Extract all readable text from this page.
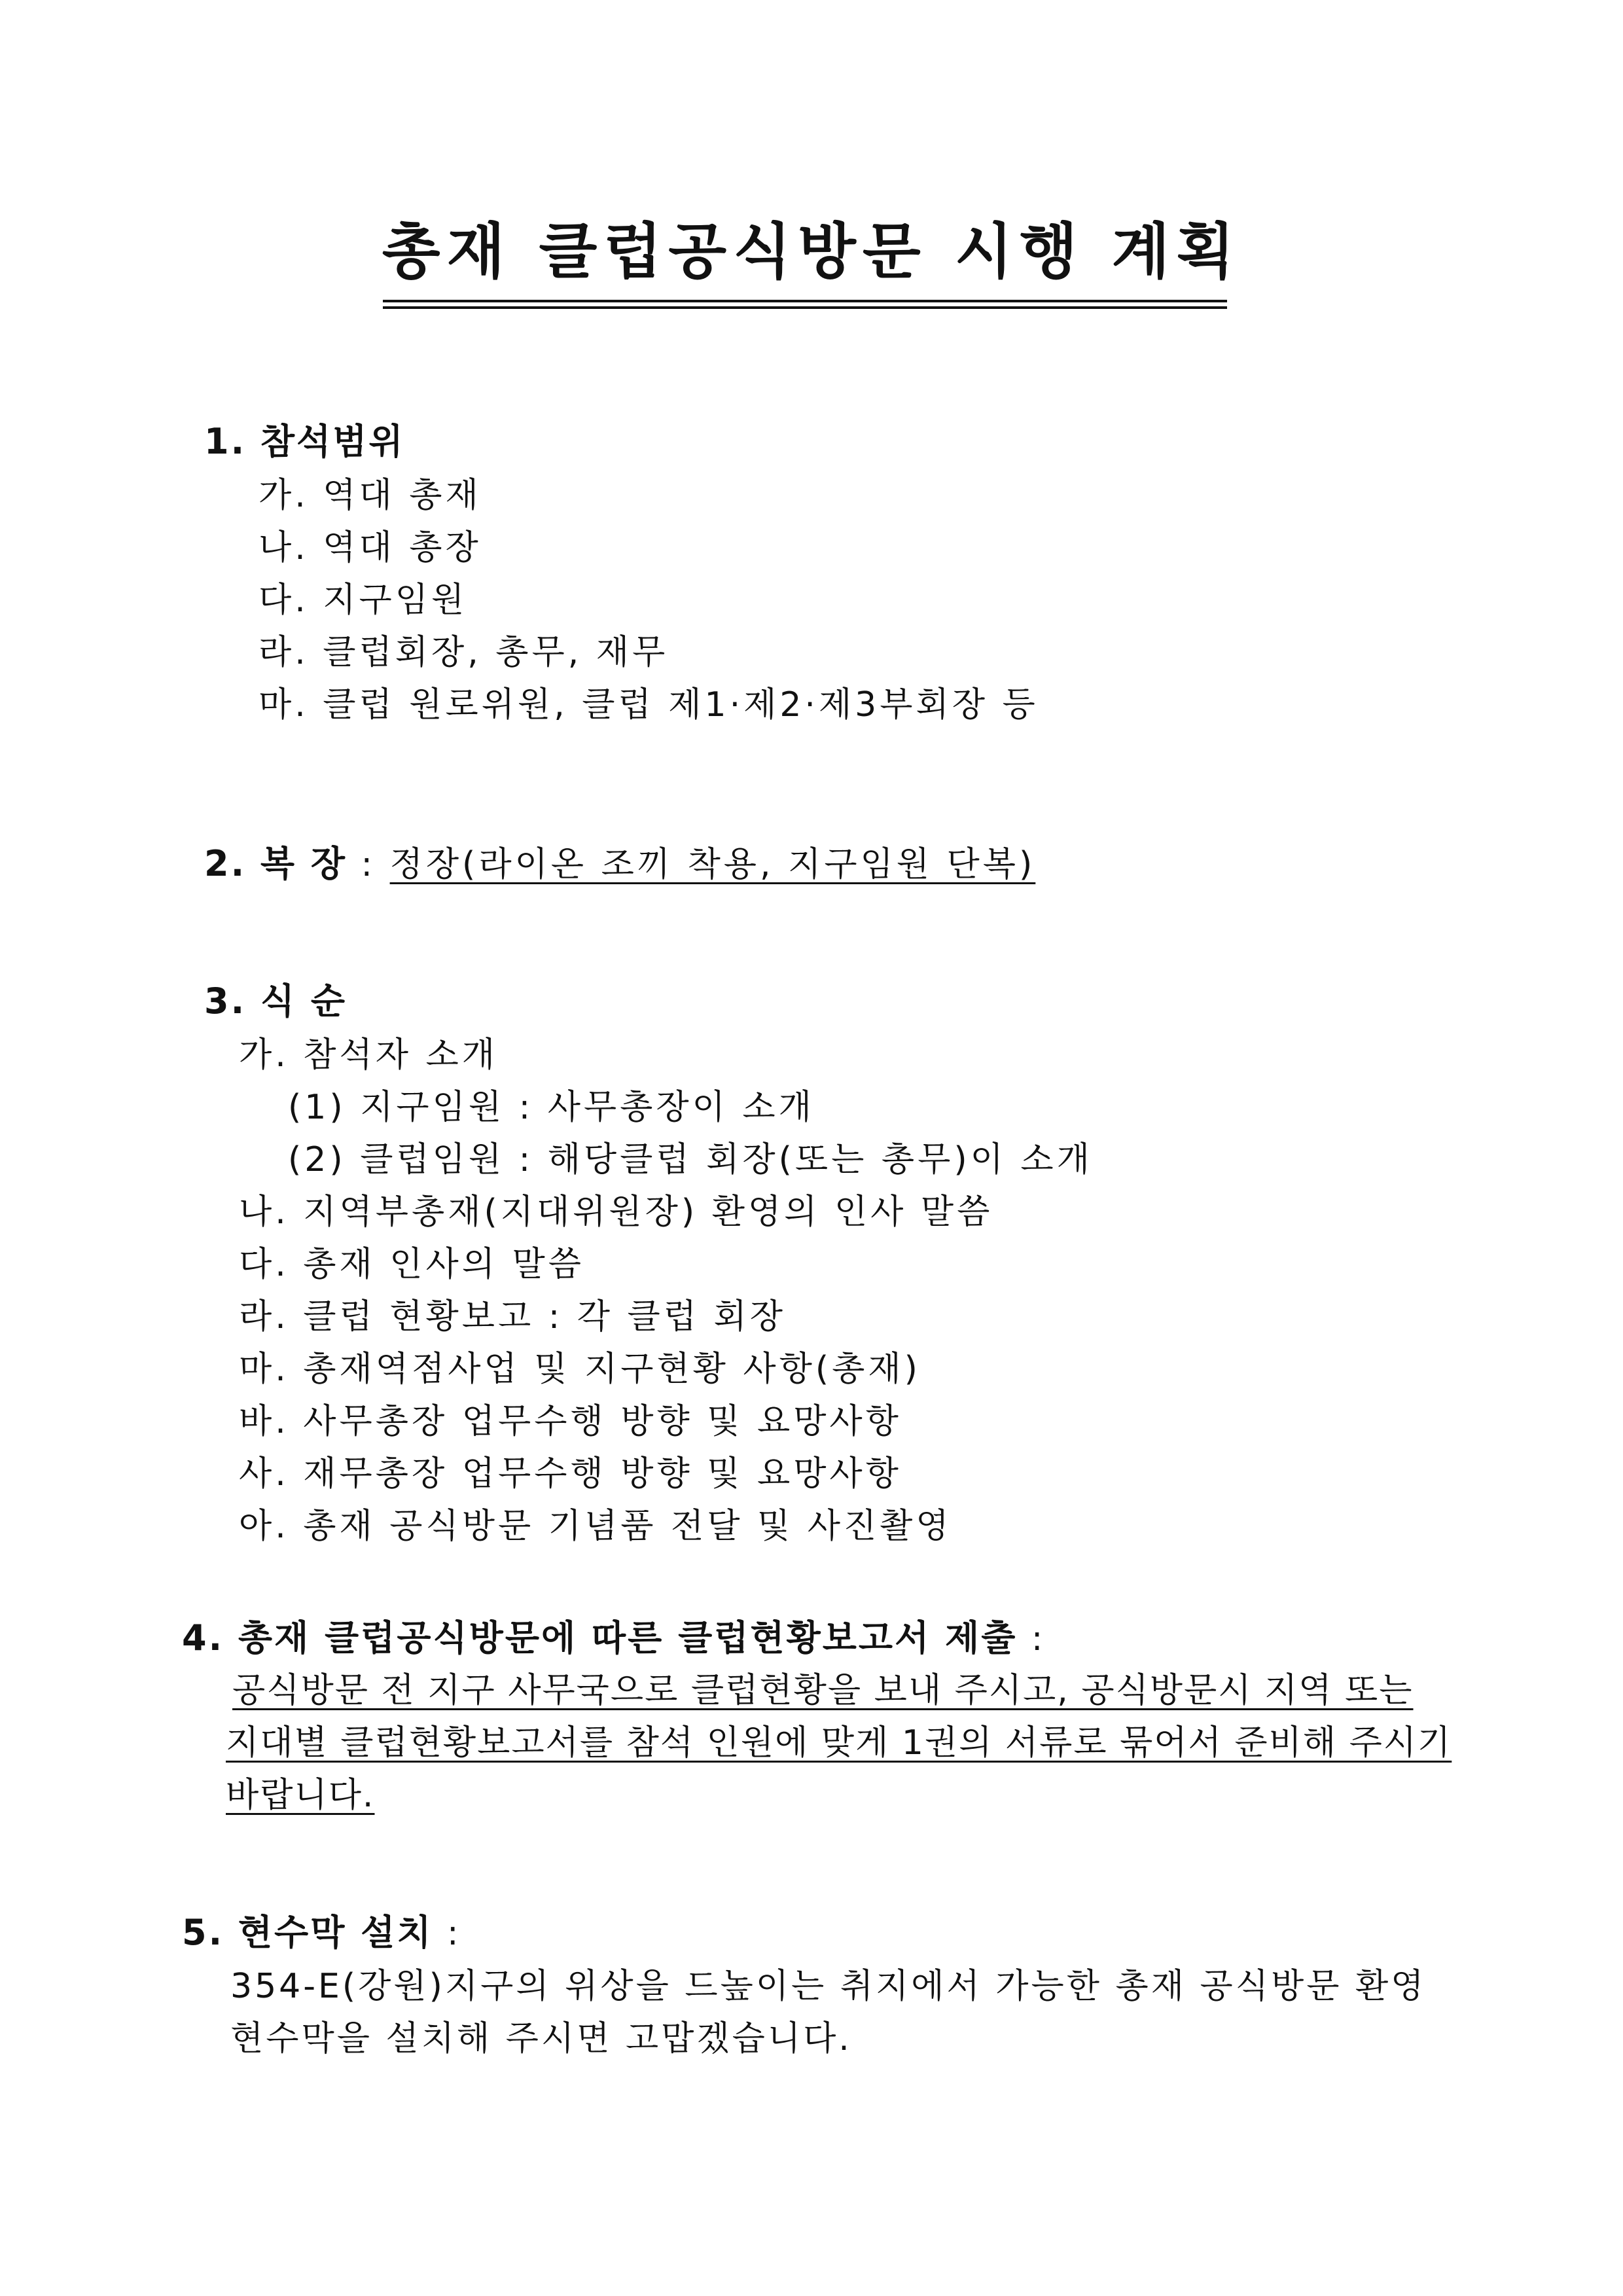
총재 클럽공식방문 시행 계획
1. 참석범위
가. 역대 총재
나. 역대 총장
다. 지구임원
라. 클럽회장, 총무, 재무
마. 클럽 원로위원, 클럽 제1·제2·제3부회장 등
2. 복 장 : 정장(라이온 조끼 착용, 지구임원 단복)
3. 식 순
가. 참석자 소개
(1) 지구임원 : 사무총장이 소개
(2) 클럽임원 : 해당클럽 회장(또는 총무)이 소개
나. 지역부총재(지대위원장) 환영의 인사 말씀
다. 총재 인사의 말씀
라. 클럽 현황보고 : 각 클럽 회장
마. 총재역점사업 및 지구현황 사항(총재)
바. 사무총장 업무수행 방향 및 요망사항
사. 재무총장 업무수행 방향 및 요망사항
아. 총재 공식방문 기념품 전달 및 사진촬영
4. 총재 클럽공식방문에 따른 클럽현황보고서 제출 :
공식방문 전 지구 사무국으로 클럽현황을 보내 주시고, 공식방문시 지역 또는
지대별 클럽현황보고서를 참석 인원에 맞게 1권의 서류로 묶어서 준비해 주시기
바랍니다.
5. 현수막 설치 :
354-E(강원)지구의 위상을 드높이는 취지에서 가능한 총재 공식방문 환영
현수막을 설치해 주시면 고맙겠습니다.
